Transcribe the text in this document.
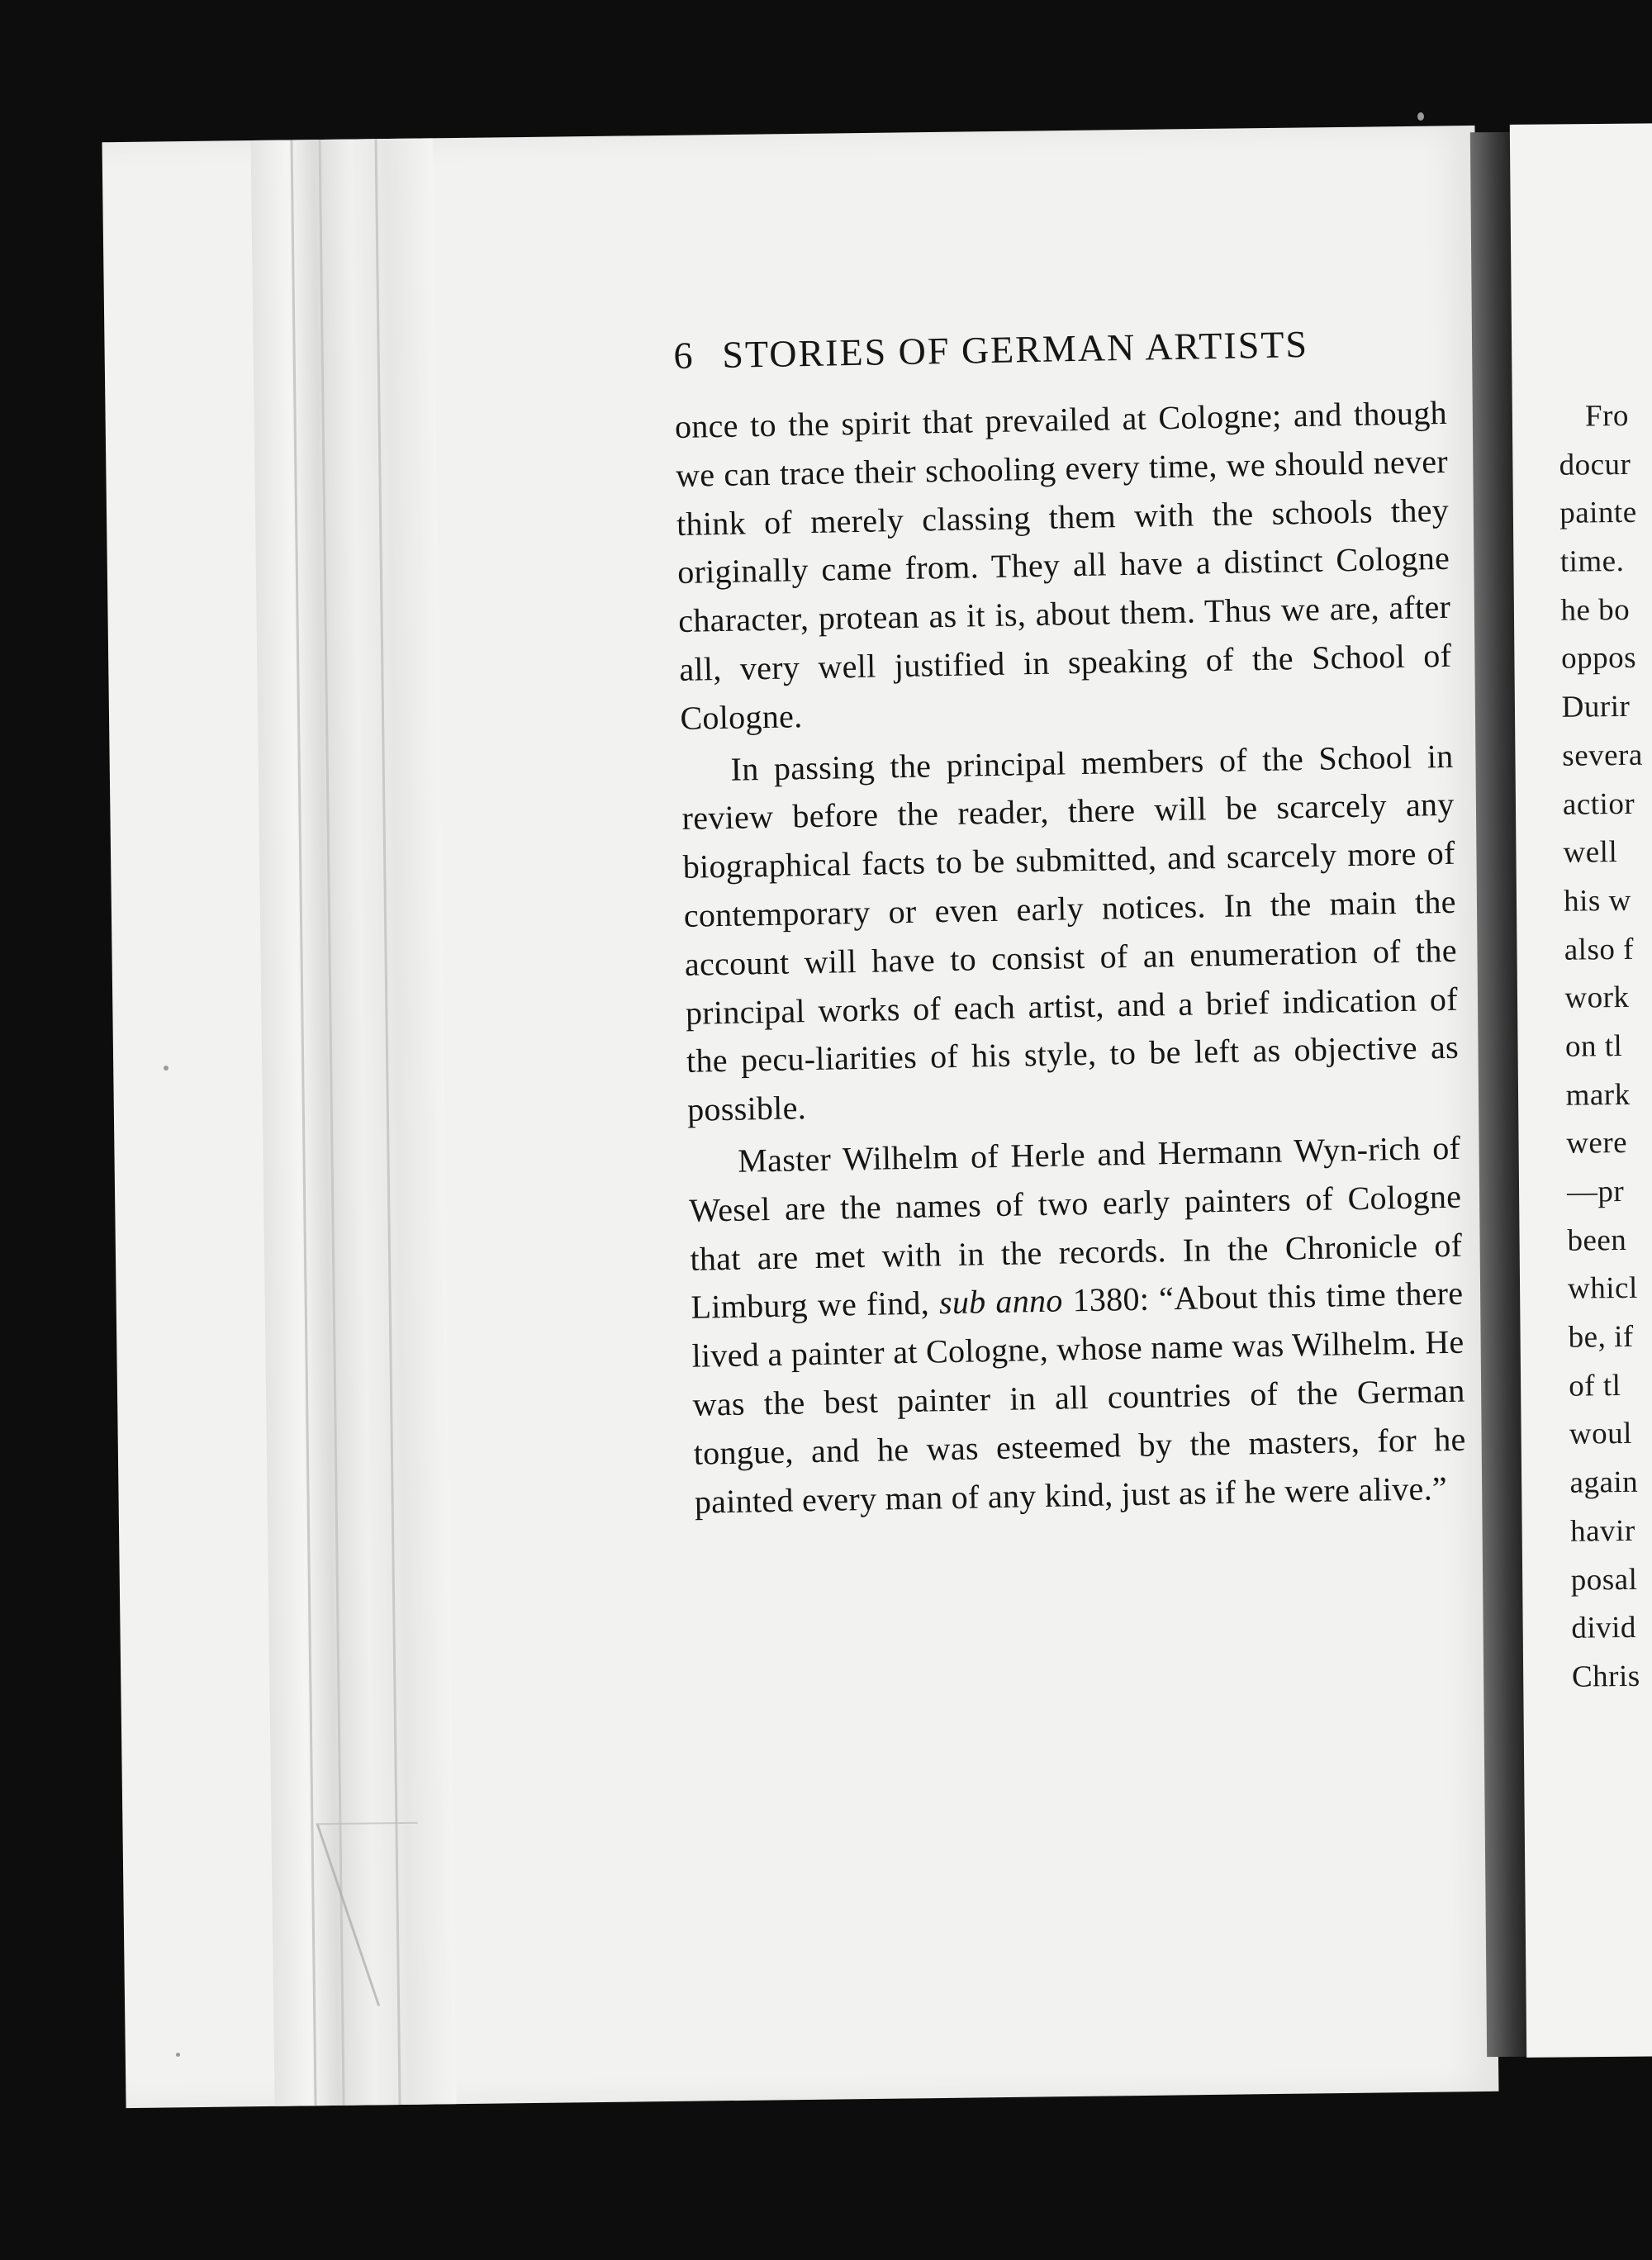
Fro
docur
painte
time.
he bo
oppos
Durir
severa
actior
well
his w
also f
work
on tl
mark
were
—pr
been
whicl
be, if
of tl
woul
again
havir
posal
divid
Chris
6 STORIES OF GERMAN ARTISTS

once to the spirit that prevailed at Cologne; and though we can trace their schooling every time, we should never think of merely classing them with the schools they originally came from. They all have a distinct Cologne character, protean as it is, about them. Thus we are, after all, very well justified in speaking of the School of Cologne.

In passing the principal members of the School in review before the reader, there will be scarcely any biographical facts to be submitted, and scarcely more of contemporary or even early notices. In the main the account will have to consist of an enumeration of the principal works of each artist, and a brief indication of the pecu-liarities of his style, to be left as objective as possible.

Master Wilhelm of Herle and Hermann Wyn-rich of Wesel are the names of two early painters of Cologne that are met with in the records. In the Chronicle of Limburg we find, sub anno 1380: “About this time there lived a painter at Cologne, whose name was Wilhelm. He was the best painter in all countries of the German tongue, and he was esteemed by the masters, for he painted every man of any kind, just as if he were alive.”
